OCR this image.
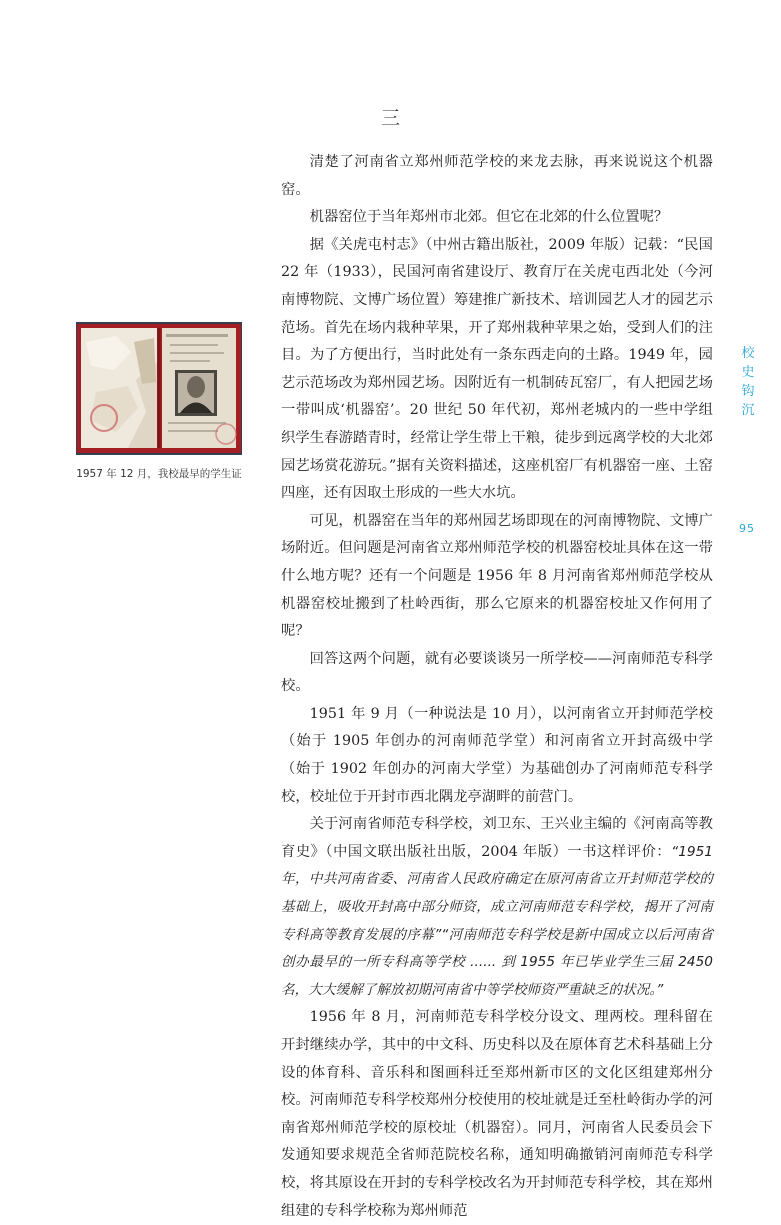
三
1957 年 12 月，我校最早的学生证

清楚了河南省立郑州师范学校的来龙去脉，再来说说这个机器窑。

机器窑位于当年郑州市北郊。但它在北郊的什么位置呢？

据《关虎屯村志》（中州古籍出版社，2009 年版）记载：“民国 22 年（1933），民国河南省建设厅、教育厅在关虎屯西北处（今河南博物院、文博广场位置）筹建推广新技术、培训园艺人才的园艺示范场。首先在场内栽种苹果，开了郑州栽种苹果之始，受到人们的注目。为了方便出行，当时此处有一条东西走向的土路。1949 年，园艺示范场改为郑州园艺场。因附近有一机制砖瓦窑厂，有人把园艺场一带叫成‘机器窑’。20 世纪 50 年代初，郑州老城内的一些中学组织学生春游踏青时，经常让学生带上干粮，徒步到远离学校的大北郊园艺场赏花游玩。”据有关资料描述，这座机窑厂有机器窑一座、土窑四座，还有因取土形成的一些大水坑。

可见，机器窑在当年的郑州园艺场即现在的河南博物院、文博广场附近。但问题是河南省立郑州师范学校的机器窑校址具体在这一带什么地方呢？还有一个问题是 1956 年 8 月河南省郑州师范学校从机器窑校址搬到了杜岭西街，那么它原来的机器窑校址又作何用了呢？

回答这两个问题，就有必要谈谈另一所学校——河南师范专科学校。

1951 年 9 月（一种说法是 10 月），以河南省立开封师范学校（始于 1905 年创办的河南师范学堂）和河南省立开封高级中学（始于 1902 年创办的河南大学堂）为基础创办了河南师范专科学校，校址位于开封市西北隅龙亭湖畔的前营门。

关于河南省师范专科学校，刘卫东、王兴业主编的《河南高等教育史》（中国文联出版社出版，2004 年版）一书这样评价：“1951 年，中共河南省委、河南省人民政府确定在原河南省立开封师范学校的基础上，吸收开封高中部分师资，成立河南师范专科学校，揭开了河南专科高等教育发展的序幕”“河南师范专科学校是新中国成立以后河南省创办最早的一所专科高等学校 ...... 到 1955 年已毕业学生三届 2450 名，大大缓解了解放初期河南省中等学校师资严重缺乏的状况。”

1956 年 8 月，河南师范专科学校分设文、理两校。理科留在开封继续办学，其中的中文科、历史科以及在原体育艺术科基础上分设的体育科、音乐科和图画科迁至郑州新市区的文化区组建郑州分校。河南师范专科学校郑州分校使用的校址就是迁至杜岭街办学的河南省郑州师范学校的原校址（机器窑）。同月，河南省人民委员会下发通知要求规范全省师范院校名称，通知明确撤销河南师范专科学校，将其原设在开封的专科学校改名为开封师范专科学校，其在郑州组建的专科学校称为郑州师范

校
史
钩
沉
95
